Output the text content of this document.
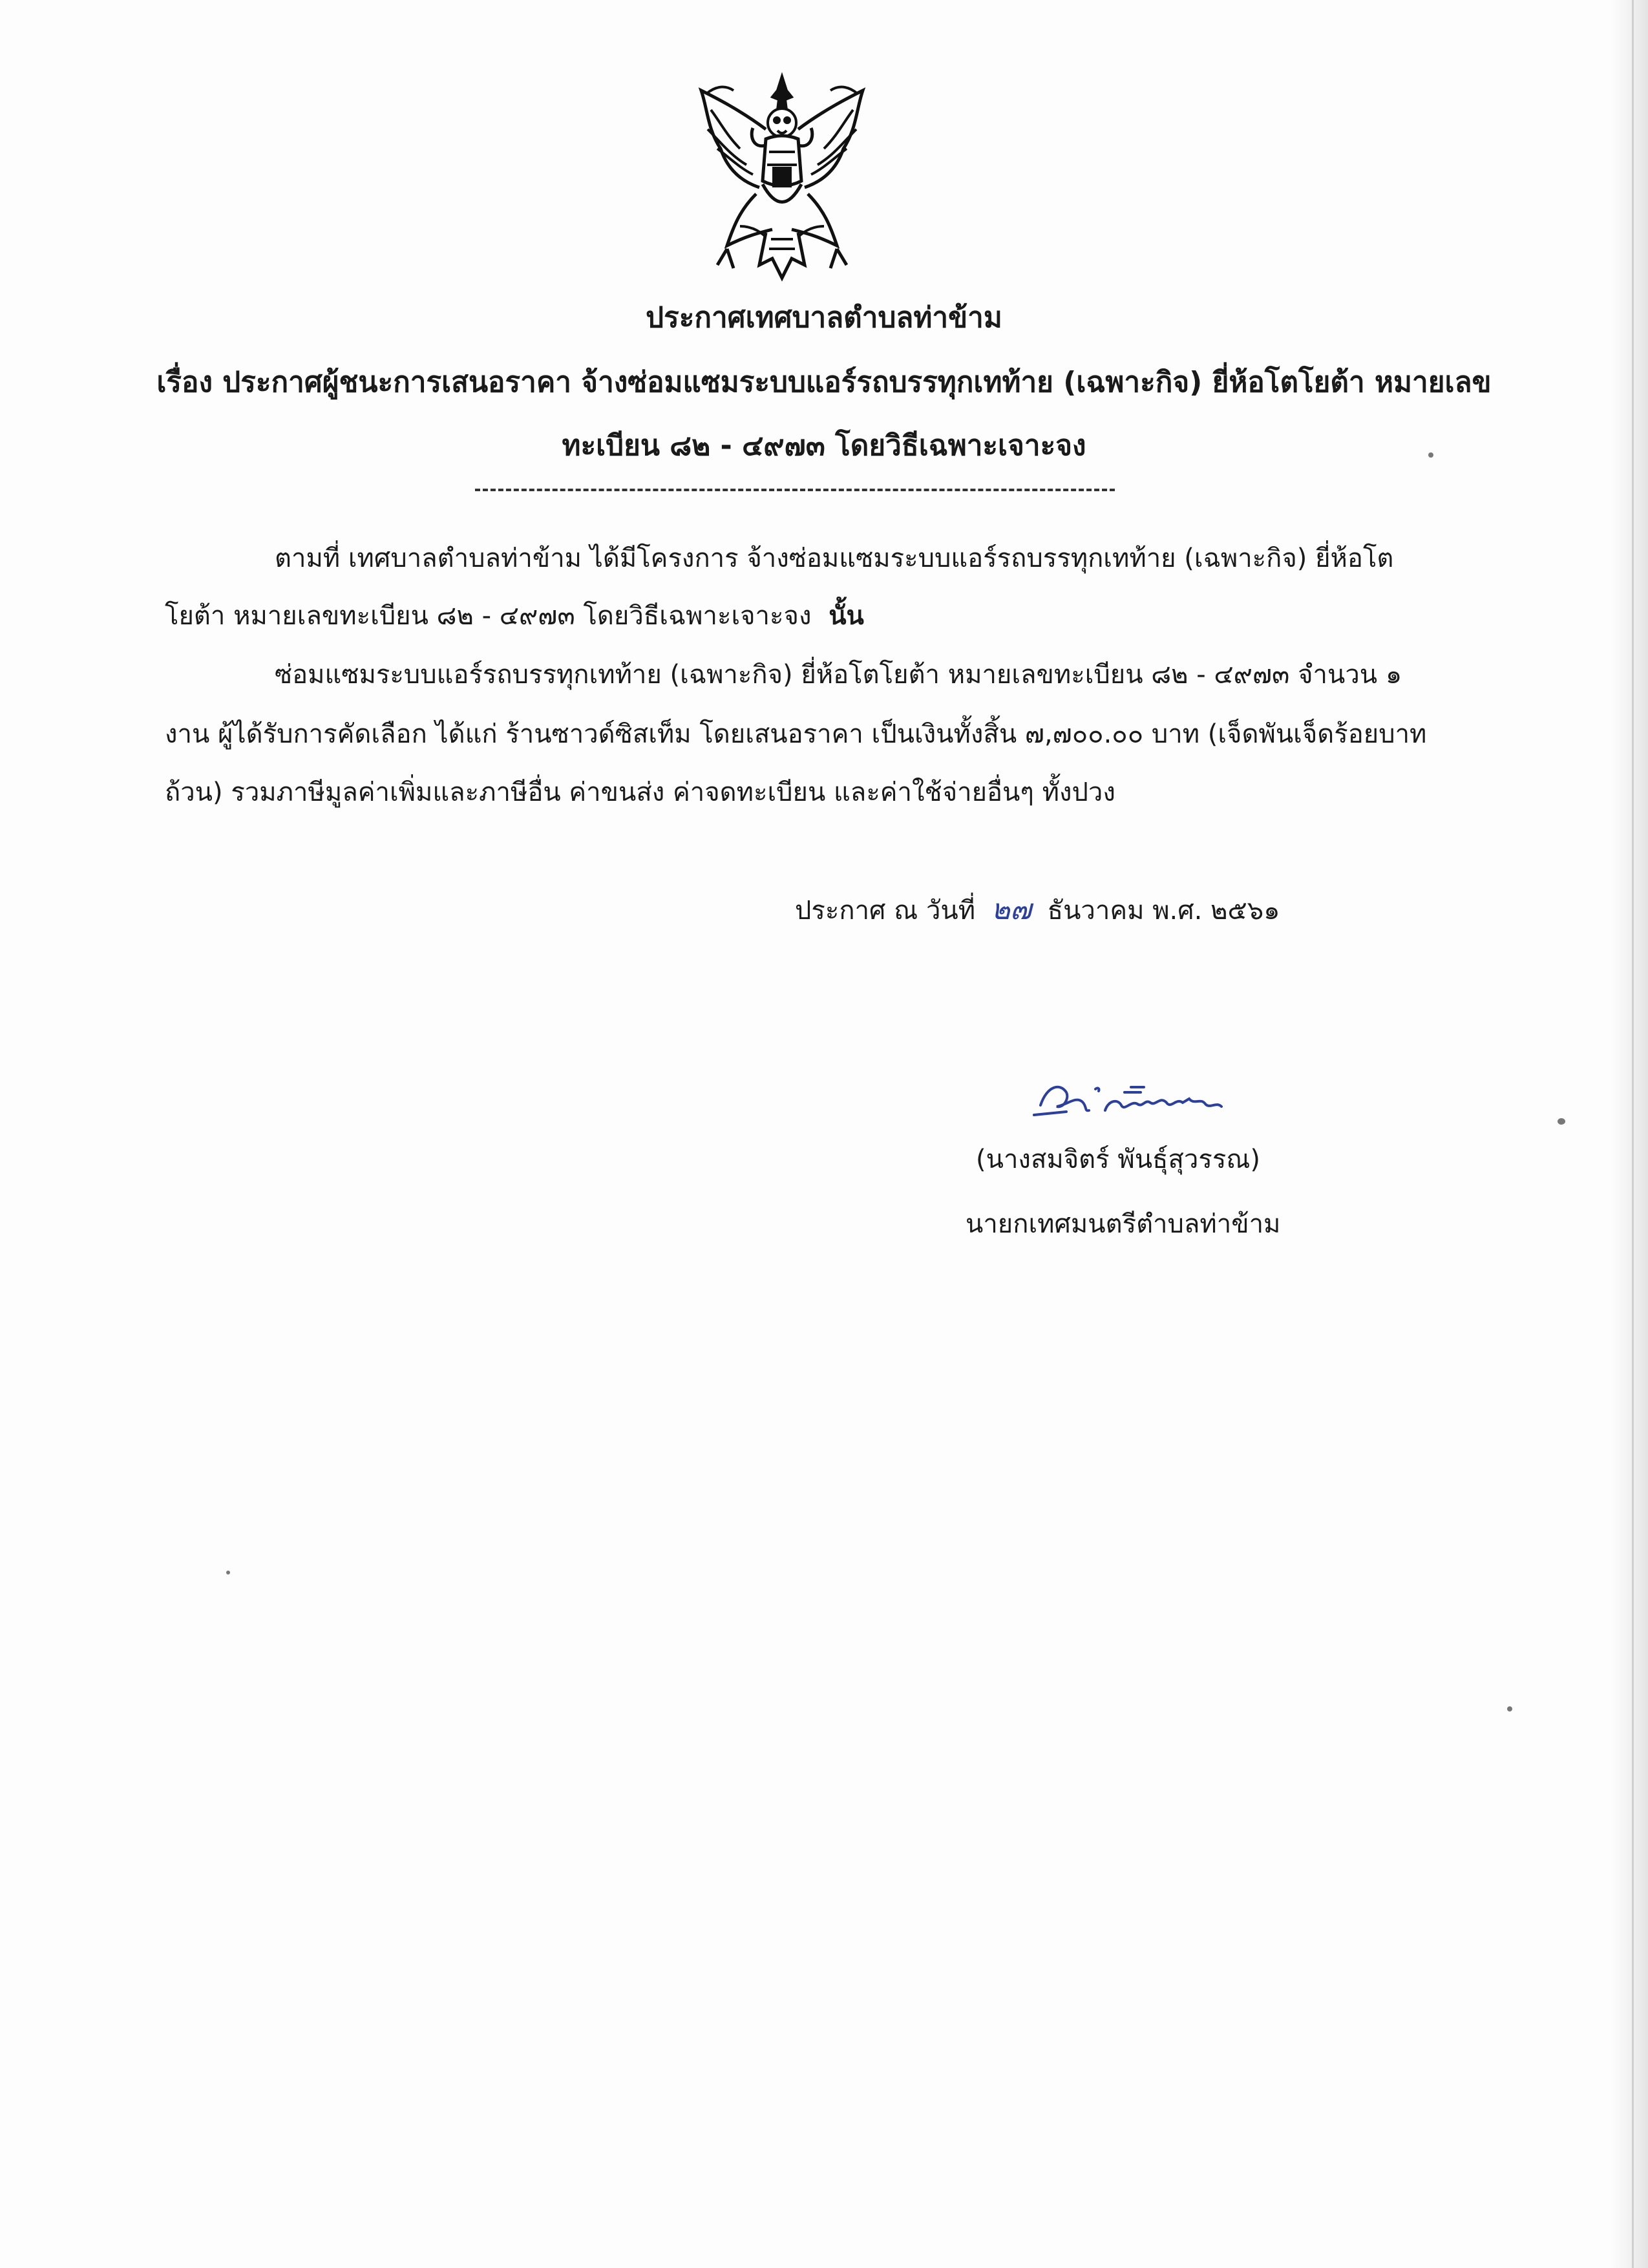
ประกาศเทศบาลตำบลท่าข้าม
เรื่อง ประกาศผู้ชนะการเสนอราคา จ้างซ่อมแซมระบบแอร์รถบรรทุกเทท้าย (เฉพาะกิจ) ยี่ห้อโตโยต้า หมายเลข
ทะเบียน ๘๒ - ๔๙๗๓ โดยวิธีเฉพาะเจาะจง
ตามที่ เทศบาลตำบลท่าข้าม ได้มีโครงการ จ้างซ่อมแซมระบบแอร์รถบรรทุกเทท้าย (เฉพาะกิจ) ยี่ห้อโต
โยต้า หมายเลขทะเบียน ๘๒ - ๔๙๗๓ โดยวิธีเฉพาะเจาะจง นั้น
ซ่อมแซมระบบแอร์รถบรรทุกเทท้าย (เฉพาะกิจ) ยี่ห้อโตโยต้า หมายเลขทะเบียน ๘๒ - ๔๙๗๓ จำนวน ๑
งาน ผู้ได้รับการคัดเลือก ได้แก่ ร้านซาวด์ซิสเท็ม โดยเสนอราคา เป็นเงินทั้งสิ้น ๗,๗๐๐.๐๐ บาท (เจ็ดพันเจ็ดร้อยบาท
ถ้วน) รวมภาษีมูลค่าเพิ่มและภาษีอื่น ค่าขนส่ง ค่าจดทะเบียน และค่าใช้จ่ายอื่นๆ ทั้งปวง
ประกาศ ณ วันที่ ๒๗ ธันวาคม พ.ศ. ๒๕๖๑
(นางสมจิตร์ พันธุ์สุวรรณ)
นายกเทศมนตรีตำบลท่าข้าม
